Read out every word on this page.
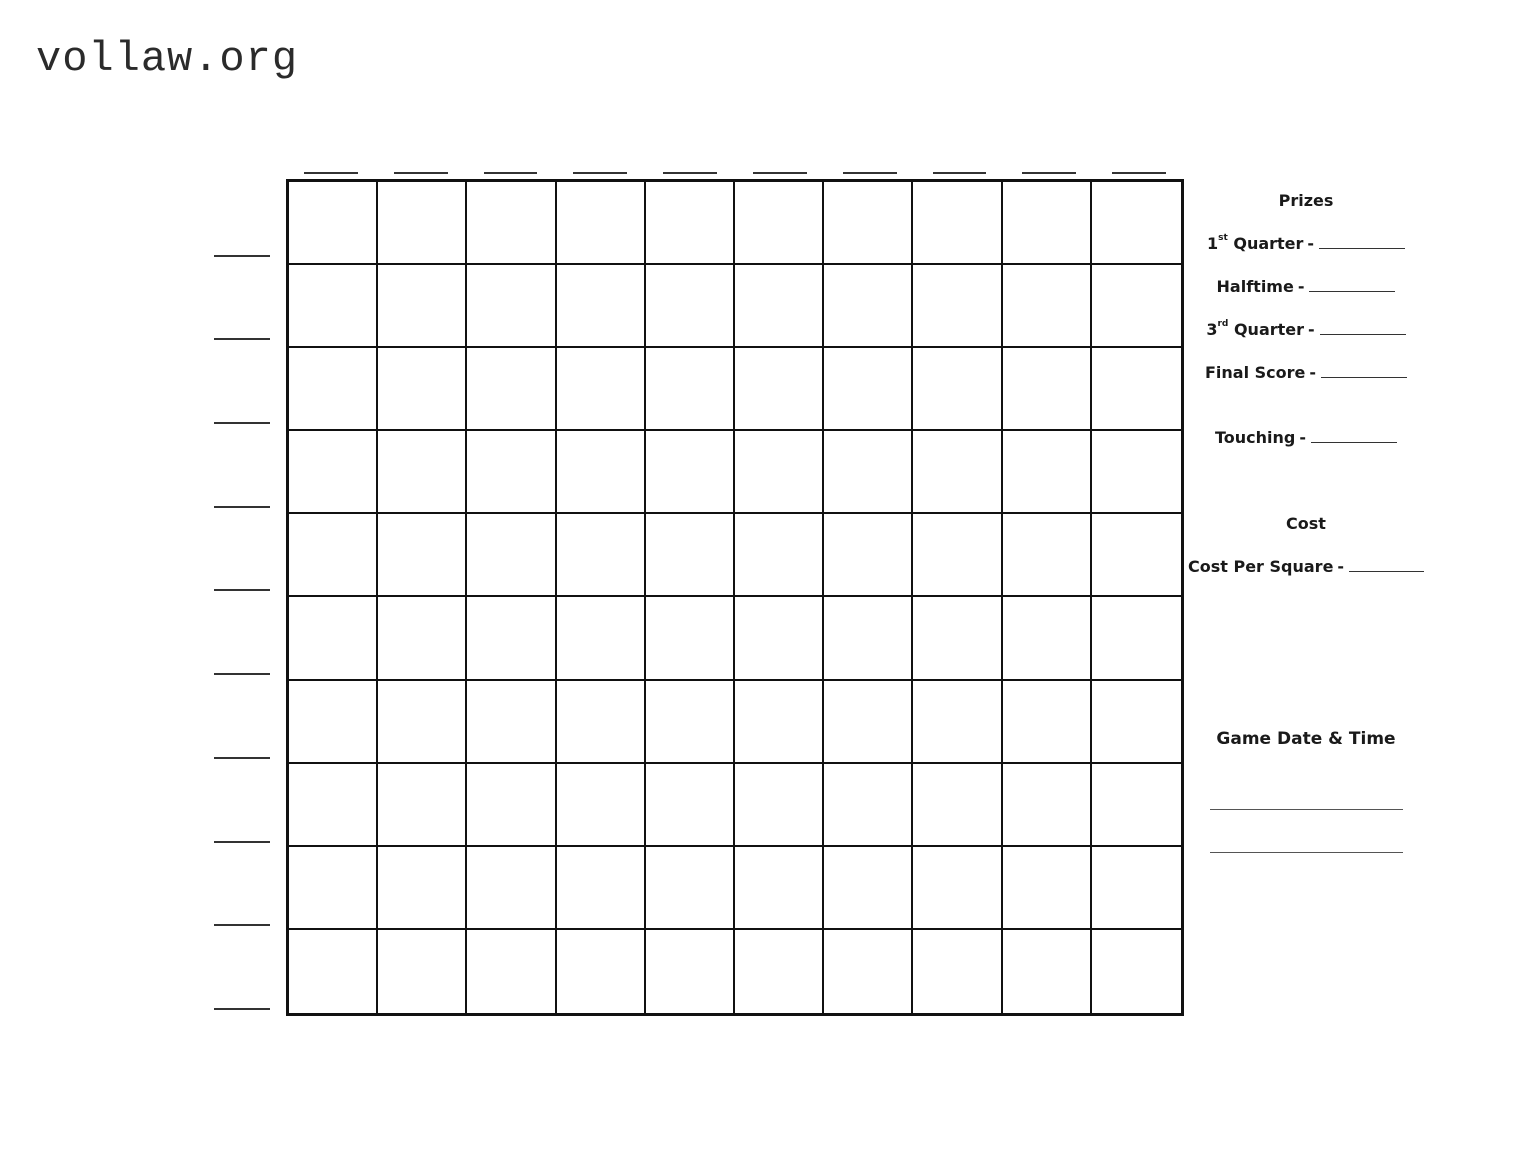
vollaw.org
Prizes
1st Quarter -
Halftime -
3rd Quarter -
Final Score -
Touching -
Cost
Cost Per Square -
Game Date & Time
